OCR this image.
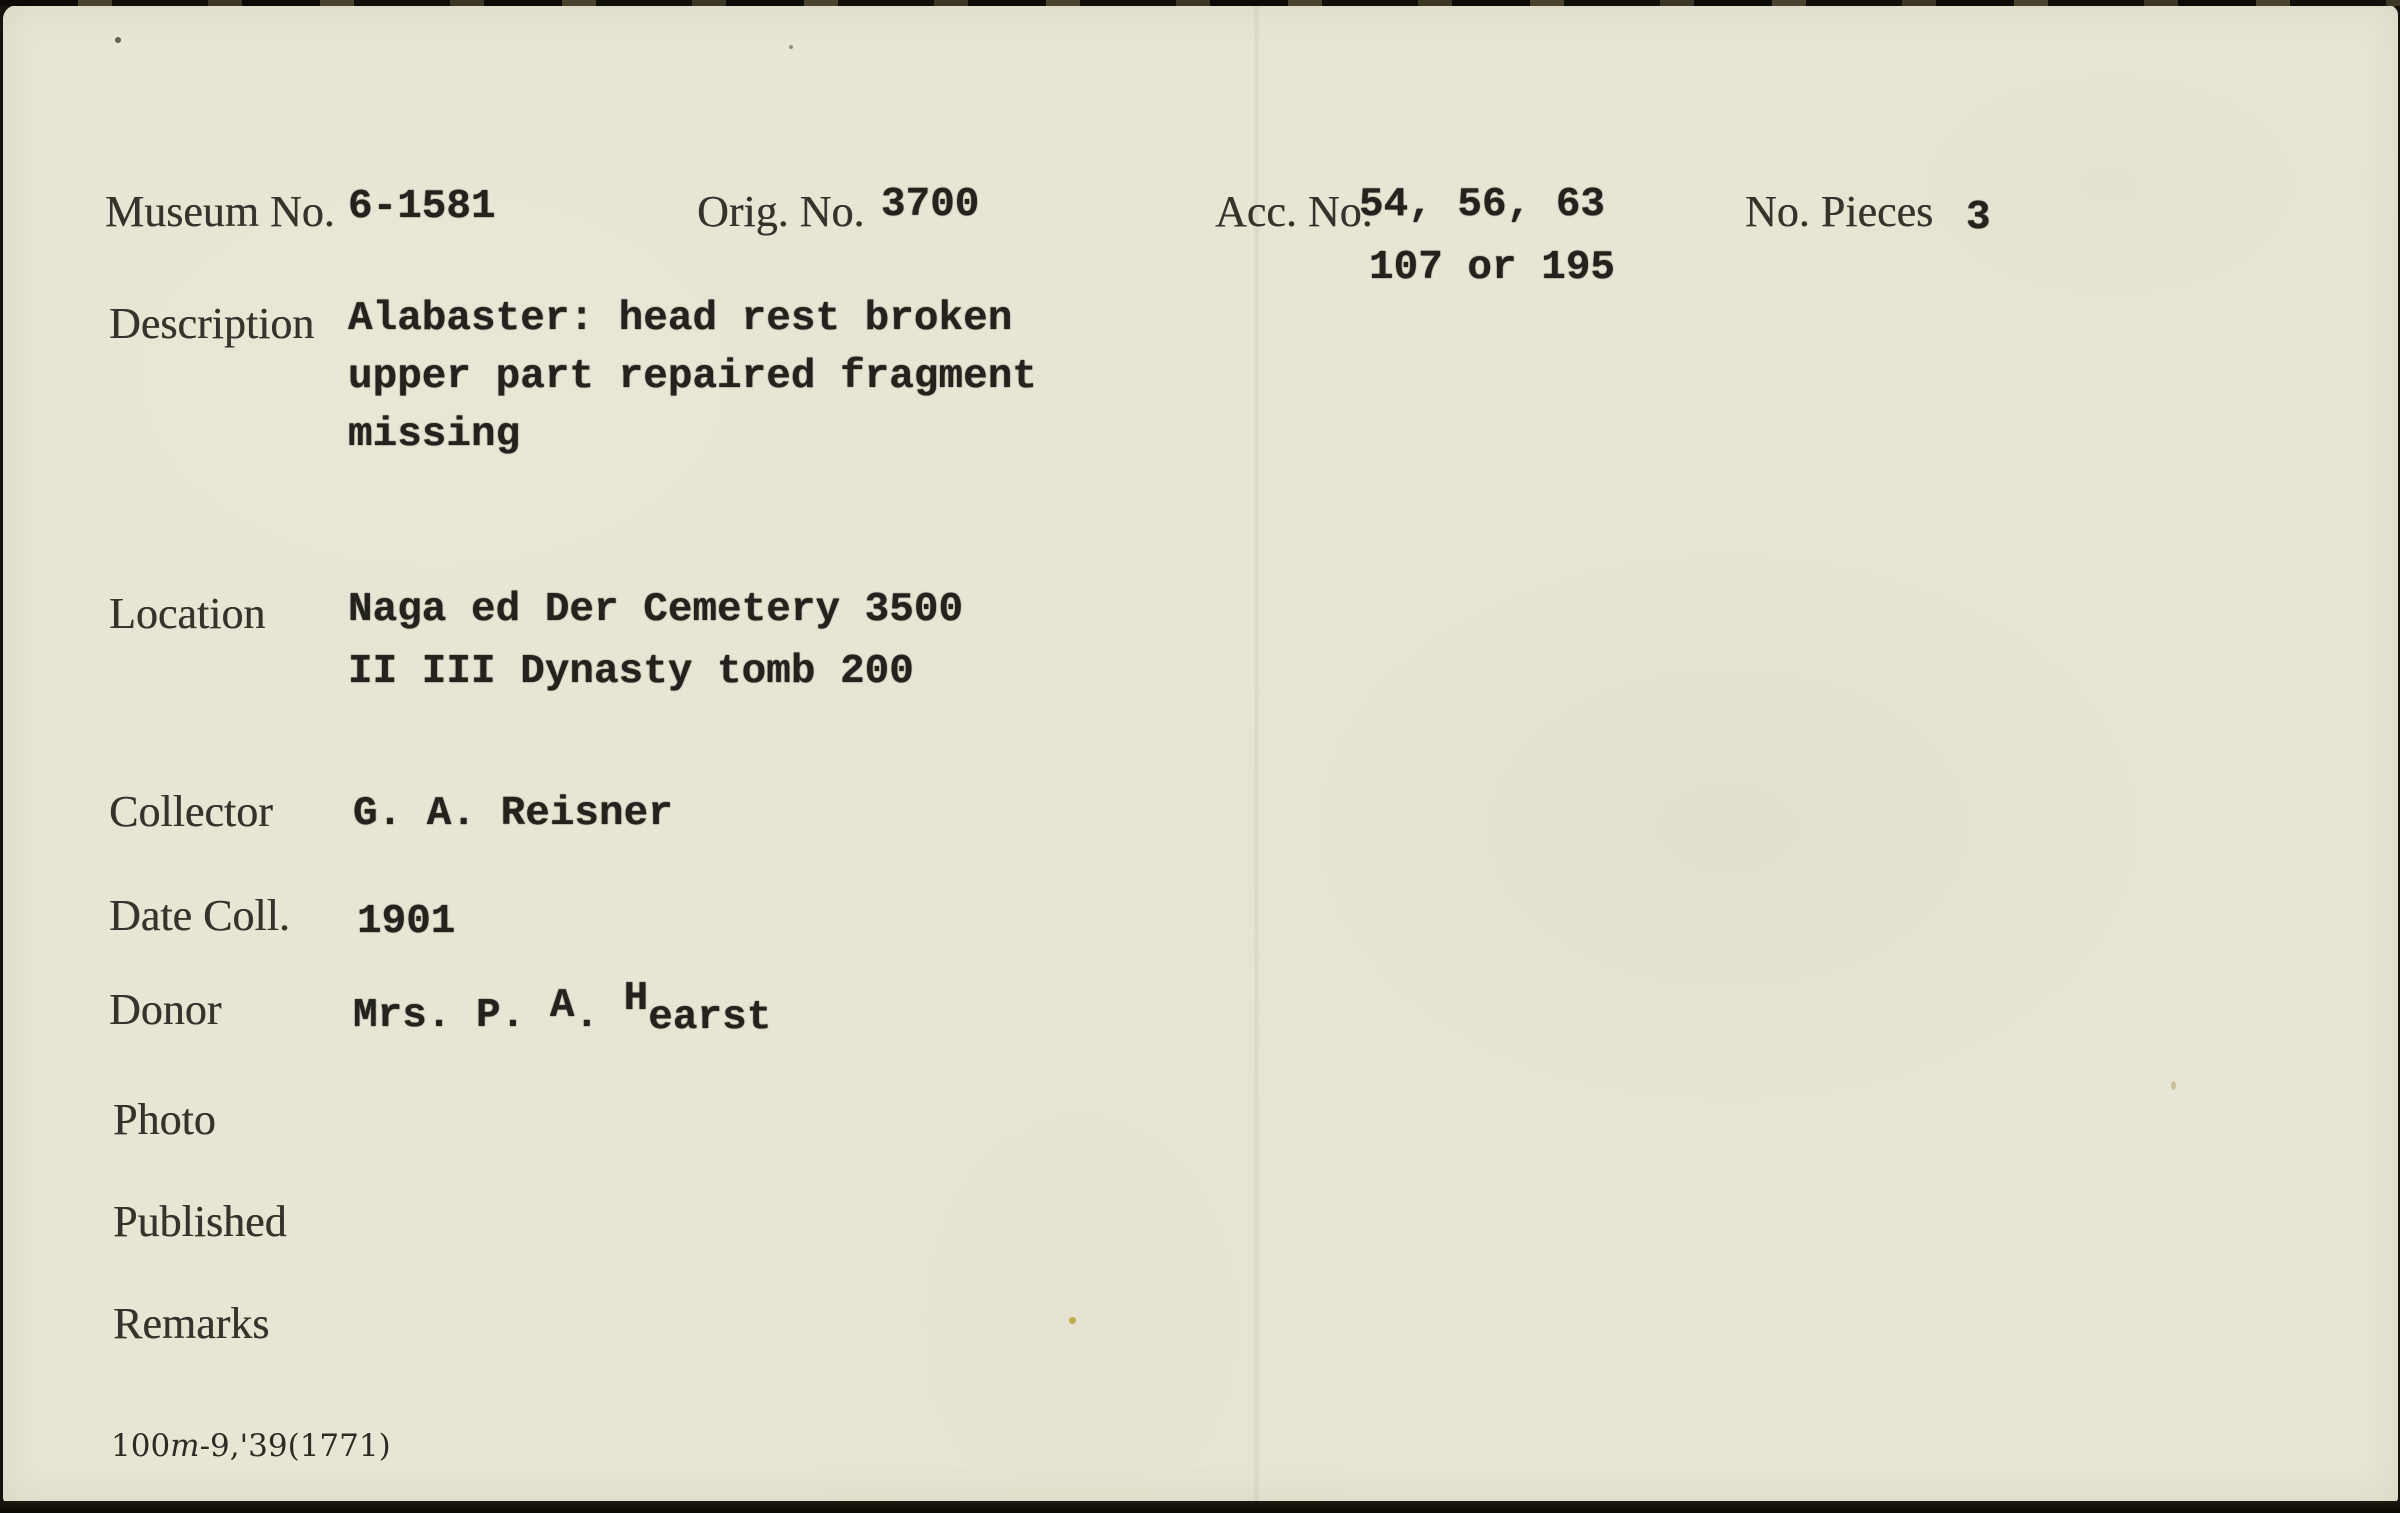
Museum No. 6-1581	Orig. No. 3700	Acc. No.
54, 56, 63
107 or 195
No. Pieces 3
Description Alabaster: head rest broken
upper part repaired fragment
missing
Location Naga ed Der Cemetery 3500
II III Dynasty tomb 200
Collector G. A. Reisner
Date Coll. 1901
Donor	Mrs. P. A. Hearst
Photo
Published
Remarks
100m-9,'39(1771)
